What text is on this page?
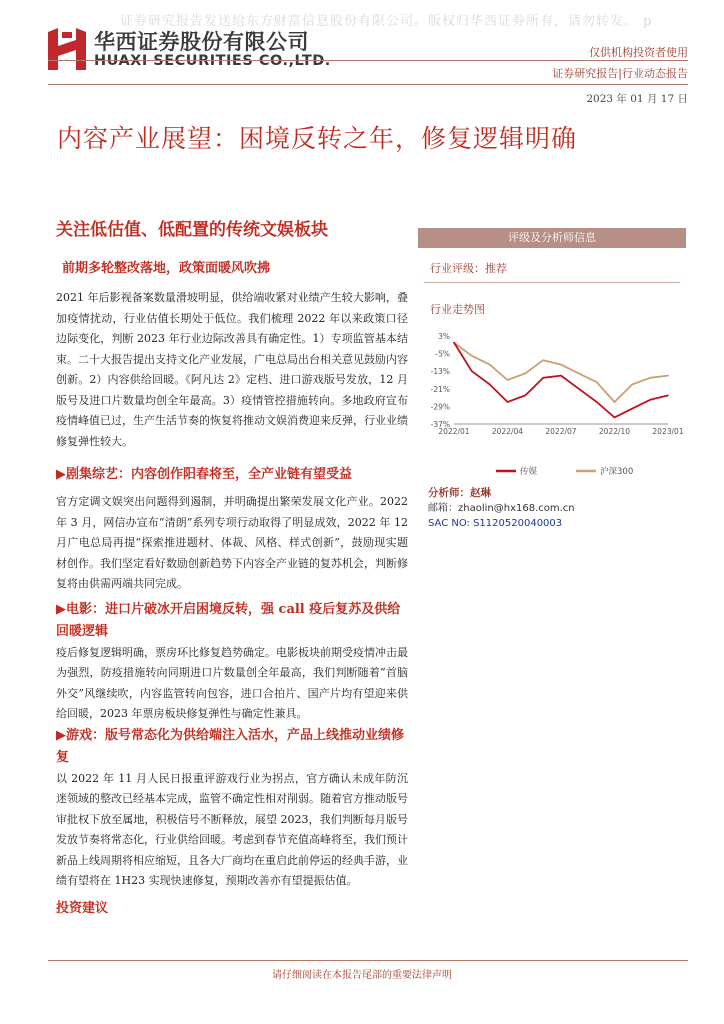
证券研究报告发送给东方财富信息股份有限公司。版权归华西证券所有，请勿转发。 p
华西证券股份有限公司
HUAXI SECURITIES CO.,LTD.
仅供机构投资者使用
证券研究报告|行业动态报告
2023 年 01 月 17 日
内容产业展望：困境反转之年，修复逻辑明确
关注低估值、低配置的传统文娱板块
前期多轮整改落地，政策面暖风吹拂
2021 年后影视备案数量滑坡明显，供给端收紧对业绩产生较大影响，叠加疫情扰动，行业估值长期处于低位。我们梳理 2022 年以来政策口径边际变化，判断 2023 年行业边际改善具有确定性。1）专项监管基本结束。二十大报告提出支持文化产业发展，广电总局出台相关意见鼓励内容创新。2）内容供给回暖。《阿凡达 2》定档、进口游戏版号发放，12 月版号及进口片数量均创全年最高。3）疫情管控措施转向。多地政府宣布疫情峰值已过，生产生活节奏的恢复将推动文娱消费迎来反弹，行业业绩修复弹性较大。
▶剧集综艺：内容创作阳春将至，全产业链有望受益
官方定调文娱突出问题得到遏制，并明确提出繁荣发展文化产业。2022 年 3 月，网信办宣布“清朗”系列专项行动取得了明显成效，2022 年 12 月广电总局再提“探索推进题材、体裁、风格、样式创新”，鼓励现实题材创作。我们坚定看好数励创新趋势下内容全产业链的复苏机会，判断修复将由供需两端共同完成。
▶电影：进口片破冰开启困境反转，强 call 疫后复苏及供给回暖逻辑
疫后修复逻辑明确，票房环比修复趋势确定。电影板块前期受疫情冲击最为强烈，防疫措施转向同期进口片数量创全年最高，我们判断随着“首脑外交”风继续吹，内容监管转向包容，进口合拍片、国产片均有望迎来供给回暖，2023 年票房板块修复弹性与确定性兼具。
▶游戏：版号常态化为供给端注入活水，产品上线推动业绩修复
以 2022 年 11 月人民日报重评游戏行业为拐点，官方确认未成年防沉迷领域的整改已经基本完成，监管不确定性相对削弱。随着官方推动版号审批权下放至属地，积极信号不断释放，展望 2023，我们判断每月版号发放节奏将常态化，行业供给回暖。考虑到春节充值高峰将至，我们预计新品上线周期将相应缩短，且各大厂商均在重启此前停运的经典手游，业绩有望将在 1H23 实现快速修复，预期改善亦有望提振估值。
投资建议
评级及分析师信息
行业评级：推荐
行业走势图
3%
-5%
-13%
-21%
-29%
-37%
2022/01	2022/04	2022/07	2022/10	2023/01
传媒	沪深300
分析师：赵琳
邮箱：zhaolin@hx168.com.cn
SAC NO: S1120520040003
请仔细阅读在本报告尾部的重要法律声明
